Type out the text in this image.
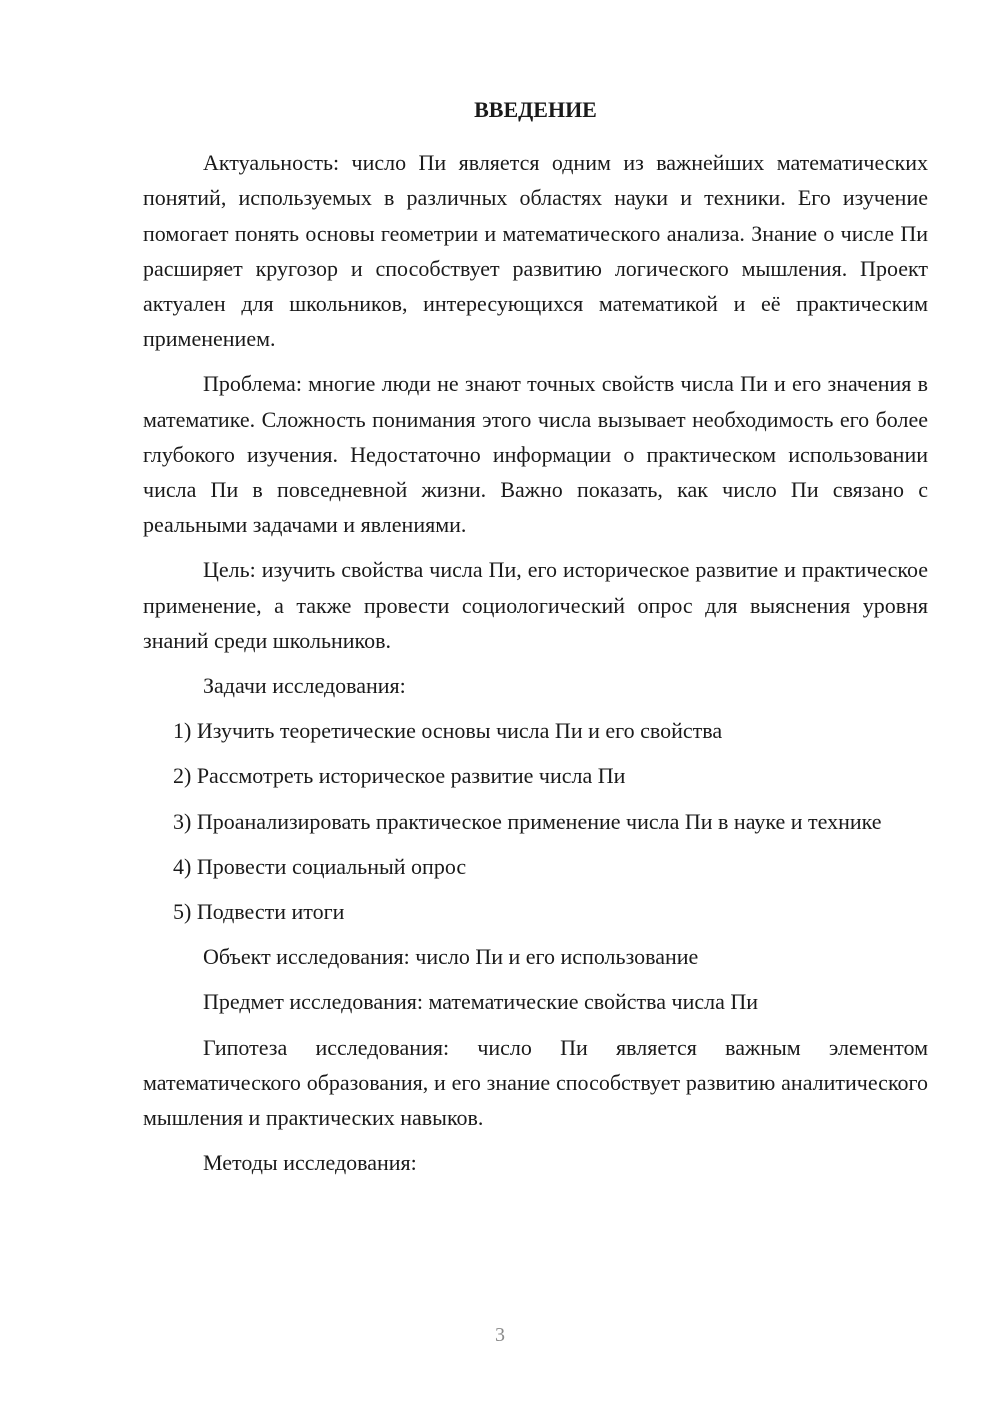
ВВЕДЕНИЕ

Актуальность: число Пи является одним из важнейших математических понятий, используемых в различных областях науки и техники. Его изучение помогает понять основы геометрии и математического анализа. Знание о числе Пи расширяет кругозор и способствует развитию логического мышления. Проект актуален для школьников, интересующихся математикой и её практическим применением.

Проблема: многие люди не знают точных свойств числа Пи и его значения в математике. Сложность понимания этого числа вызывает необходимость его более глубокого изучения. Недостаточно информации о практическом использовании числа Пи в повседневной жизни. Важно показать, как число Пи связано с реальными задачами и явлениями.

Цель: изучить свойства числа Пи, его историческое развитие и практическое применение, а также провести социологический опрос для выяснения уровня знаний среди школьников.

Задачи исследования:

1) Изучить теоретические основы числа Пи и его свойства

2) Рассмотреть историческое развитие числа Пи

3) Проанализировать практическое применение числа Пи в науке и технике

4) Провести социальный опрос

5) Подвести итоги

Объект исследования: число Пи и его использование

Предмет исследования: математические свойства числа Пи

Гипотеза исследования: число Пи является важным элементом математического образования, и его знание способствует развитию аналитического мышления и практических навыков.

Методы исследования:

3
